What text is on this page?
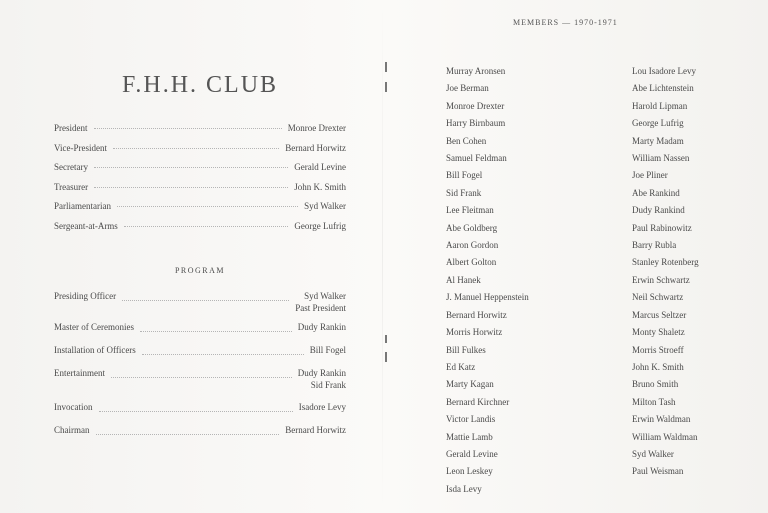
F.H.H. CLUB
President	Monroe Drexter
Vice-President	Bernard Horwitz
Secretary	Gerald Levine
Treasurer	John K. Smith
Parliamentarian	Syd Walker
Sergeant-at-Arms	George Lufrig
PROGRAM
Presiding Officer	Syd Walker
Past President
Master of Ceremonies	Dudy Rankin
Installation of Officers	Bill Fogel
Entertainment	Dudy Rankin
Sid Frank
Invocation	Isadore Levy
Chairman	Bernard Horwitz
MEMBERS — 1970-1971
Murray Aronsen
Joe Berman
Monroe Drexter
Harry Birnbaum
Ben Cohen
Samuel Feldman
Bill Fogel
Sid Frank
Lee Fleitman
Abe Goldberg
Aaron Gordon
Albert Golton
Al Hanek
J. Manuel Heppenstein
Bernard Horwitz
Morris Horwitz
Bill Fulkes
Ed Katz
Marty Kagan
Bernard Kirchner
Victor Landis
Mattie Lamb
Gerald Levine
Leon Leskey
Isda Levy
Lou Isadore Levy
Abe Lichtenstein
Harold Lipman
George Lufrig
Marty Madam
William Nassen
Joe Pliner
Abe Rankind
Dudy Rankind
Paul Rabinowitz
Barry Rubla
Stanley Rotenberg
Erwin Schwartz
Neil Schwartz
Marcus Seltzer
Monty Shaletz
Morris Stroeff
John K. Smith
Bruno Smith
Milton Tash
Erwin Waldman
William Waldman
Syd Walker
Paul Weisman
